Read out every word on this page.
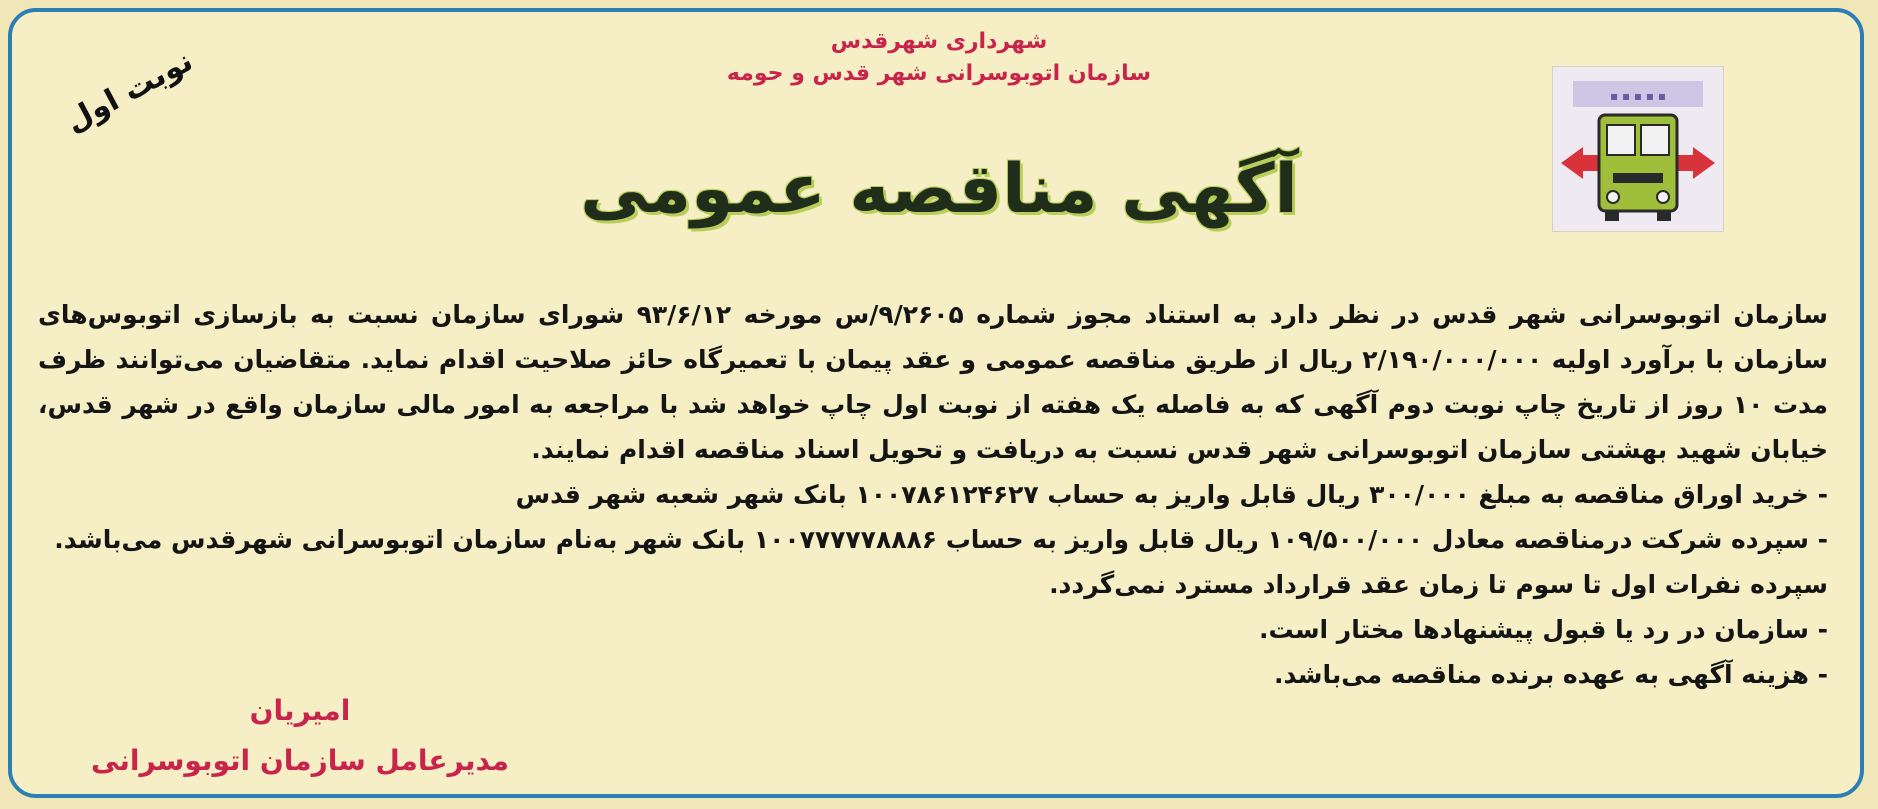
شهرداری شهرقدس
سازمان اتوبوسرانی شهر قدس و حومه
نوبت اول	▪ ▪ ▪ ▪ ▪
آگهی مناقصه عمومی

سازمان اتوبوسرانی شهر قدس در نظر دارد به استناد مجوز شماره ۹/۲۶۰۵/س مورخه ۹۳/۶/۱۲ شورای سازمان نسبت به بازسازی اتوبوس‌های سازمان با برآورد اولیه ۲/۱۹۰/۰۰۰/۰۰۰ ریال از طریق مناقصه عمومی و عقد پیمان با تعمیرگاه حائز صلاحیت اقدام نماید. متقاضیان می‌توانند ظرف مدت ۱۰ روز از تاریخ چاپ نوبت دوم آگهی که به فاصله یک هفته از نوبت اول چاپ خواهد شد با مراجعه به امور مالی سازمان واقع در شهر قدس، خیابان شهید بهشتی سازمان اتوبوسرانی شهر قدس نسبت به دریافت و تحویل اسناد مناقصه اقدام نمایند.

- خرید اوراق مناقصه به مبلغ ۳۰۰/۰۰۰ ریال قابل واریز به حساب ۱۰۰۷۸۶۱۲۴۶۲۷ بانک شهر شعبه شهر قدس

- سپرده شرکت درمناقصه معادل ۱۰۹/۵۰۰/۰۰۰ ریال قابل واریز به حساب ۱۰۰۷۷۷۷۷۸۸۸۶ بانک شهر به‌نام سازمان اتوبوسرانی شهرقدس می‌باشد.

سپرده نفرات اول تا سوم تا زمان عقد قرارداد مسترد نمی‌گردد.

- سازمان در رد یا قبول پیشنهادها مختار است.

- هزینه آگهی به عهده برنده مناقصه می‌باشد.

امیریان
مدیرعامل سازمان اتوبوسرانی
